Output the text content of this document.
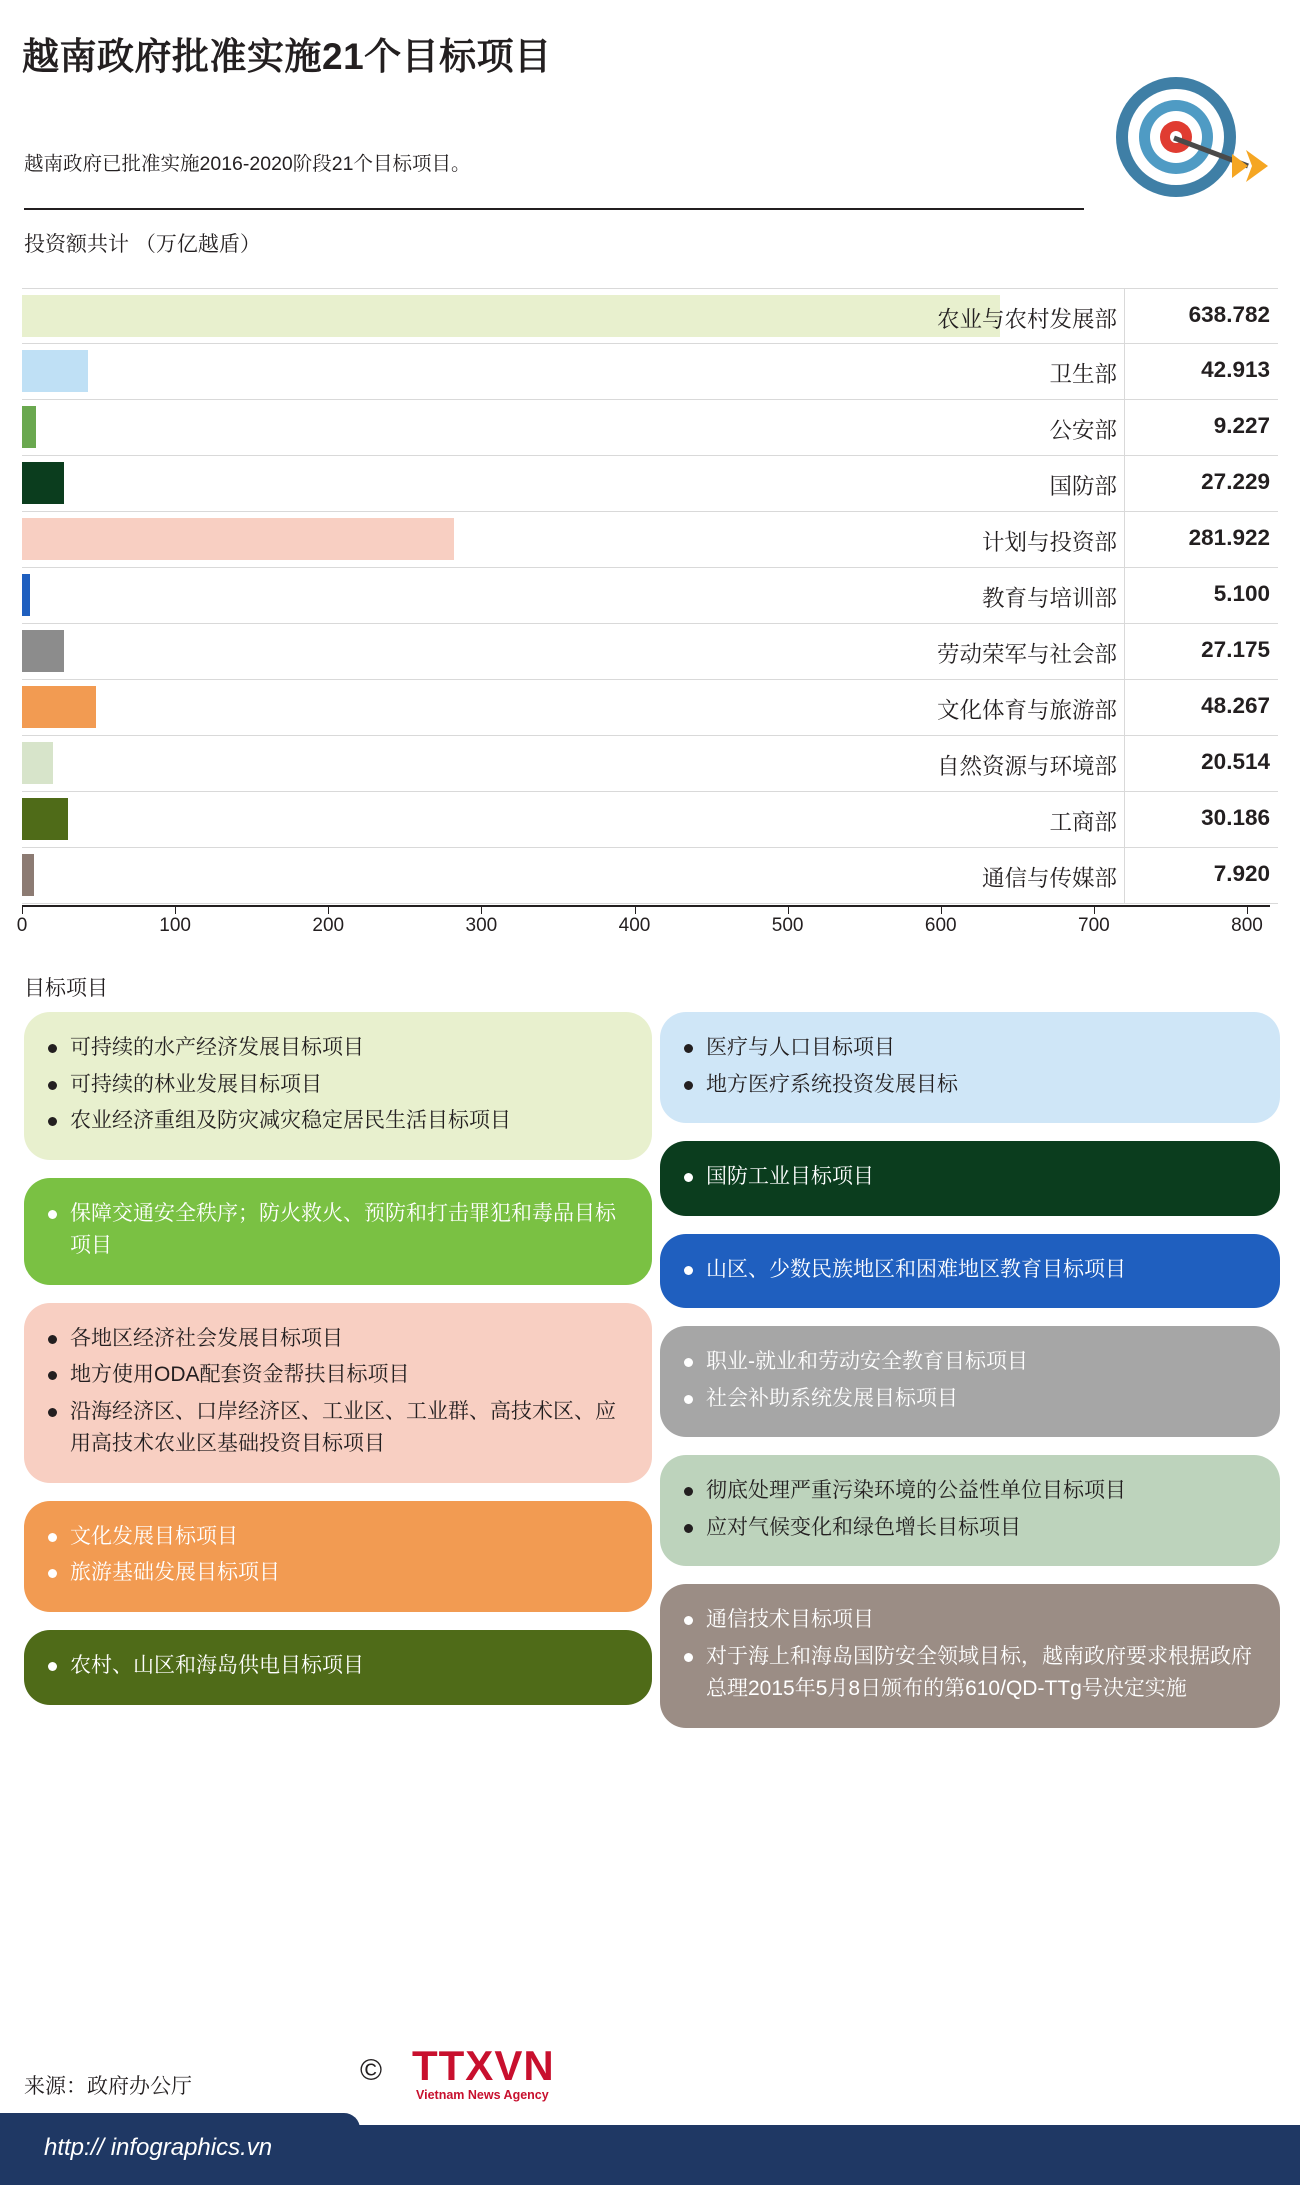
越南政府批准实施21个目标项目
越南政府已批准实施2016-2020阶段21个目标项目。
投资额共计 （万亿越盾）
农业与农村发展部	638.782
卫生部	42.913
公安部	9.227
国防部	27.229
计划与投资部	281.922
教育与培训部	5.100
劳动荣军与社会部	27.175
文化体育与旅游部	48.267
自然资源与环境部	20.514
工商部	30.186
通信与传媒部	7.920
0	100	200	300	400	500	600	700	800
目标项目
可持续的水产经济发展目标项目
可持续的林业发展目标项目
农业经济重组及防灾减灾稳定居民生活目标项目
保障交通安全秩序；防火救火、预防和打击罪犯和毒品目标项目
各地区经济社会发展目标项目
地方使用ODA配套资金帮扶目标项目
沿海经济区、口岸经济区、工业区、工业群、高技术区、应用高技术农业区基础投资目标项目
文化发展目标项目
旅游基础发展目标项目
农村、山区和海岛供电目标项目
医疗与人口目标项目
地方医疗系统投资发展目标
国防工业目标项目
山区、少数民族地区和困难地区教育目标项目
职业-就业和劳动安全教育目标项目
社会补助系统发展目标项目
彻底处理严重污染环境的公益性单位目标项目
应对气候变化和绿色增长目标项目
通信技术目标项目
对于海上和海岛国防安全领域目标，越南政府要求根据政府总理2015年5月8日颁布的第610/QD-TTg号决定实施
来源：政府办公厅	© TTXVN
Vietnam News Agency
http:// infographics.vn
